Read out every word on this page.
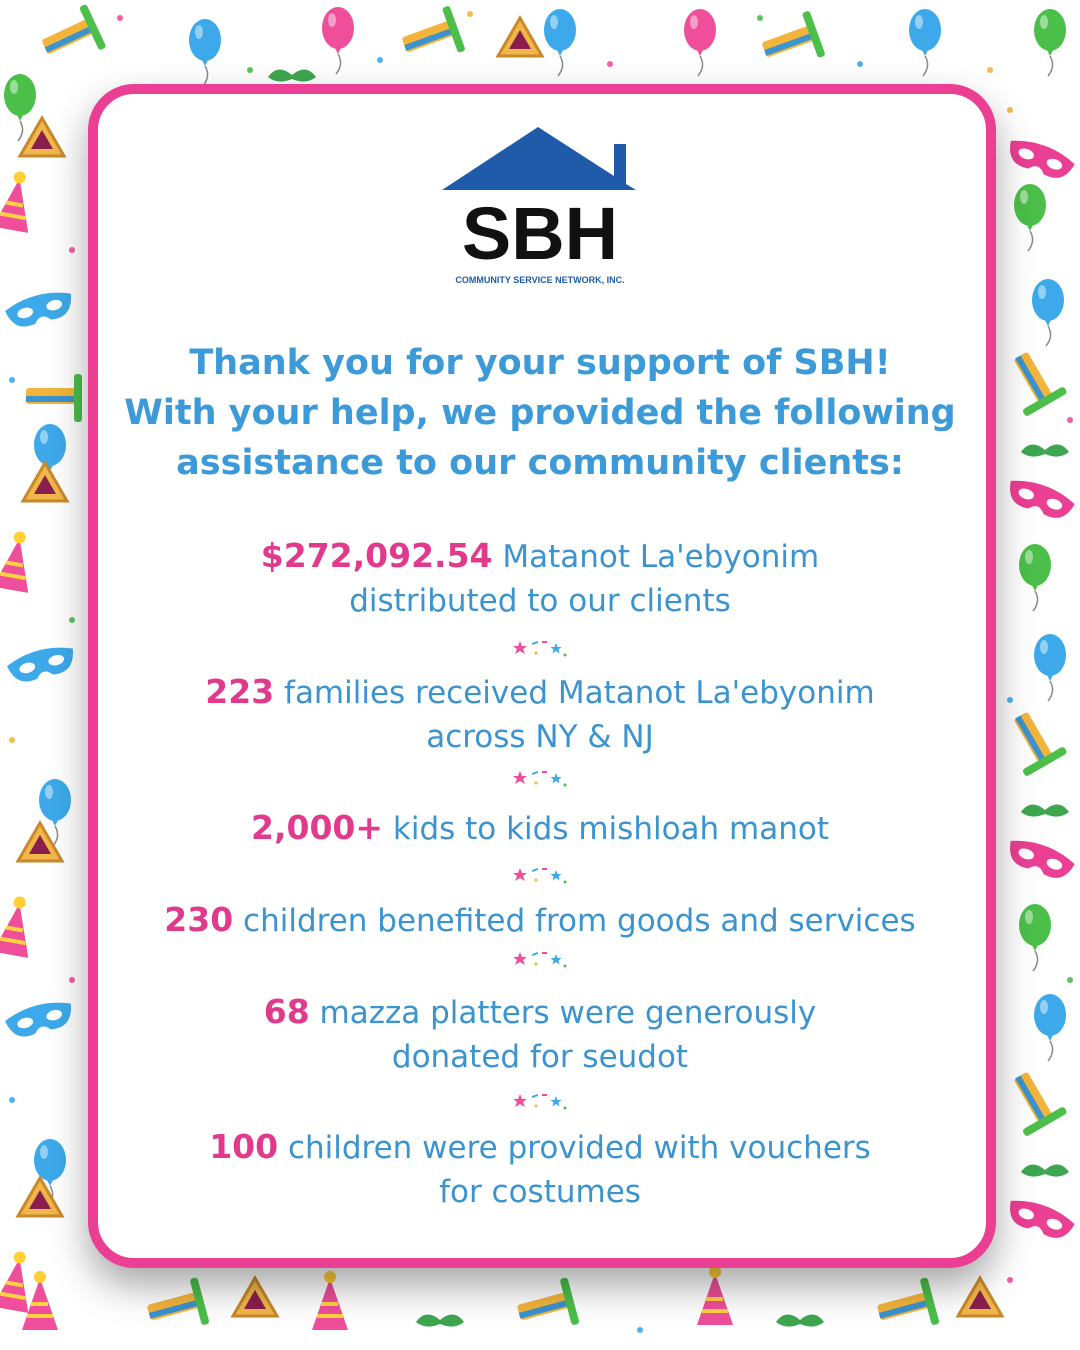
SBH
COMMUNITY SERVICE NETWORK, INC.
Thank you for your support of SBH!
With your help, we provided the following
assistance to our community clients:
$272,092.54 Matanot La'ebyonim
distributed to our clients
223 families received Matanot La'ebyonim
across NY & NJ
2,000+ kids to kids mishloah manot
230 children benefited from goods and services
68 mazza platters were generously
donated for seudot
100 children were provided with vouchers
for costumes
